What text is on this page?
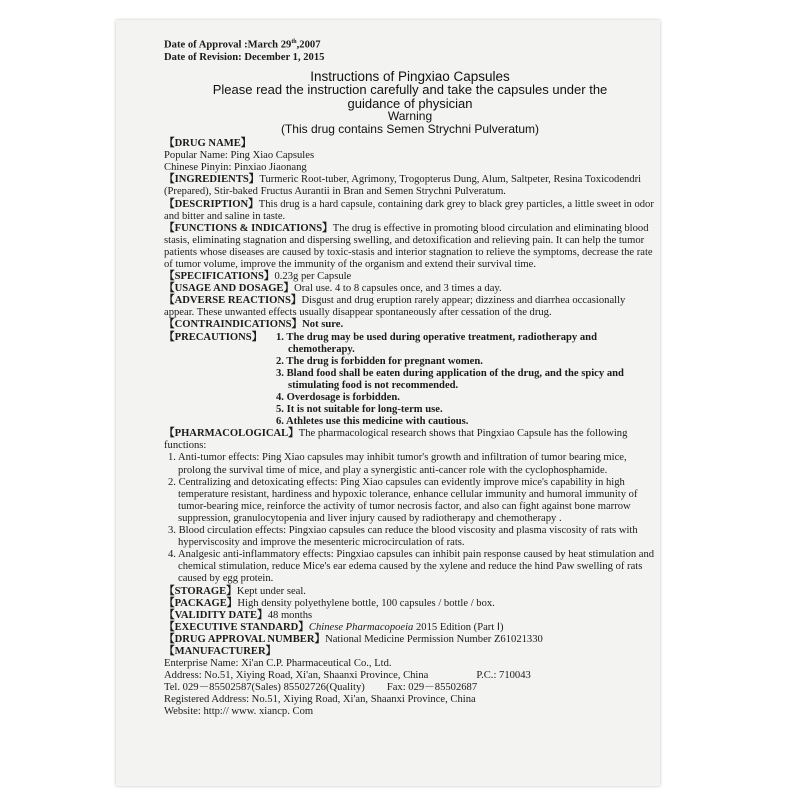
Date of Approval :March 29th,2007
Date of Revision: December 1, 2015
Instructions of Pingxiao Capsules
Please read the instruction carefully and take the capsules under the
guidance of physician
Warning
(This drug contains Semen Strychni Pulveratum)
【DRUG NAME】
Popular Name: Ping Xiao Capsules
Chinese Pinyin: Pinxiao Jiaonang

【INGREDIENTS】Turmeric Root-tuber, Agrimony, Trogopterus Dung, Alum, Saltpeter, Resina Toxicodendri (Prepared), Stir-baked Fructus Aurantii in Bran and Semen Strychni Pulveratum.

【DESCRIPTION】This drug is a hard capsule, containing dark grey to black grey particles, a little sweet in odor and bitter and saline in taste.

【FUNCTIONS & INDICATIONS】The drug is effective in promoting blood circulation and eliminating blood stasis, eliminating stagnation and dispersing swelling, and detoxification and relieving pain. It can help the tumor patients whose diseases are caused by toxic-stasis and interior stagnation to relieve the symptoms, decrease the rate of tumor volume, improve the immunity of the organism and extend their survival time.

【SPECIFICATIONS】0.23g per Capsule

【USAGE AND DOSAGE】Oral use. 4 to 8 capsules once, and 3 times a day.

【ADVERSE REACTIONS】Disgust and drug eruption rarely appear; dizziness and diarrhea occasionally appear. These unwanted effects usually disappear spontaneously after cessation of the drug.

【CONTRAINDICATIONS】Not sure.

【PRECAUTIONS】	1. The drug may be used during operative treatment, radiotherapy and chemotherapy.
2. The drug is forbidden for pregnant women.
3. Bland food shall be eaten during application of the drug, and the spicy and stimulating food is not recommended.
4. Overdosage is forbidden.
5. It is not suitable for long-term use.
6. Athletes use this medicine with cautious.

【PHARMACOLOGICAL】The pharmacological research shows that Pingxiao Capsule has the following functions:

1. Anti-tumor effects: Ping Xiao capsules may inhibit tumor's growth and infiltration of tumor bearing mice, prolong the survival time of mice, and play a synergistic anti-cancer role with the cyclophosphamide.
2. Centralizing and detoxicating effects: Ping Xiao capsules can evidently improve mice's capability in high temperature resistant, hardiness and hypoxic tolerance, enhance cellular immunity and humoral immunity of tumor-bearing mice, reinforce the activity of tumor necrosis factor, and also can fight against bone marrow suppression, granulocytopenia and liver injury caused by radiotherapy and chemotherapy .
3. Blood circulation effects: Pingxiao capsules can reduce the blood viscosity and plasma viscosity of rats with hyperviscosity and improve the mesenteric microcirculation of rats.
4. Analgesic anti-inflammatory effects: Pingxiao capsules can inhibit pain response caused by heat stimulation and chemical stimulation, reduce Mice's ear edema caused by the xylene and reduce the hind Paw swelling of rats caused by egg protein.

【STORAGE】Kept under seal.

【PACKAGE】High density polyethylene bottle, 100 capsules / bottle / box.

【VALIDITY DATE】48 months

【EXECUTIVE STANDARD】Chinese Pharmacopoeia 2015 Edition (Part Ⅰ)

【DRUG APPROVAL NUMBER】National Medicine Permission Number Z61021330

【MANUFACTURER】
Enterprise Name: Xi'an C.P. Pharmaceutical Co., Ltd.
Address: No.51, Xiying Road, Xi'an, Shaanxi Province, China	P.C.: 710043
Tel. 029－85502587(Sales) 85502726(Quality) Fax: 029－85502687
Registered Address: No.51, Xiying Road, Xi'an, Shaanxi Province, China
Website: http:// www. xiancp. Com
